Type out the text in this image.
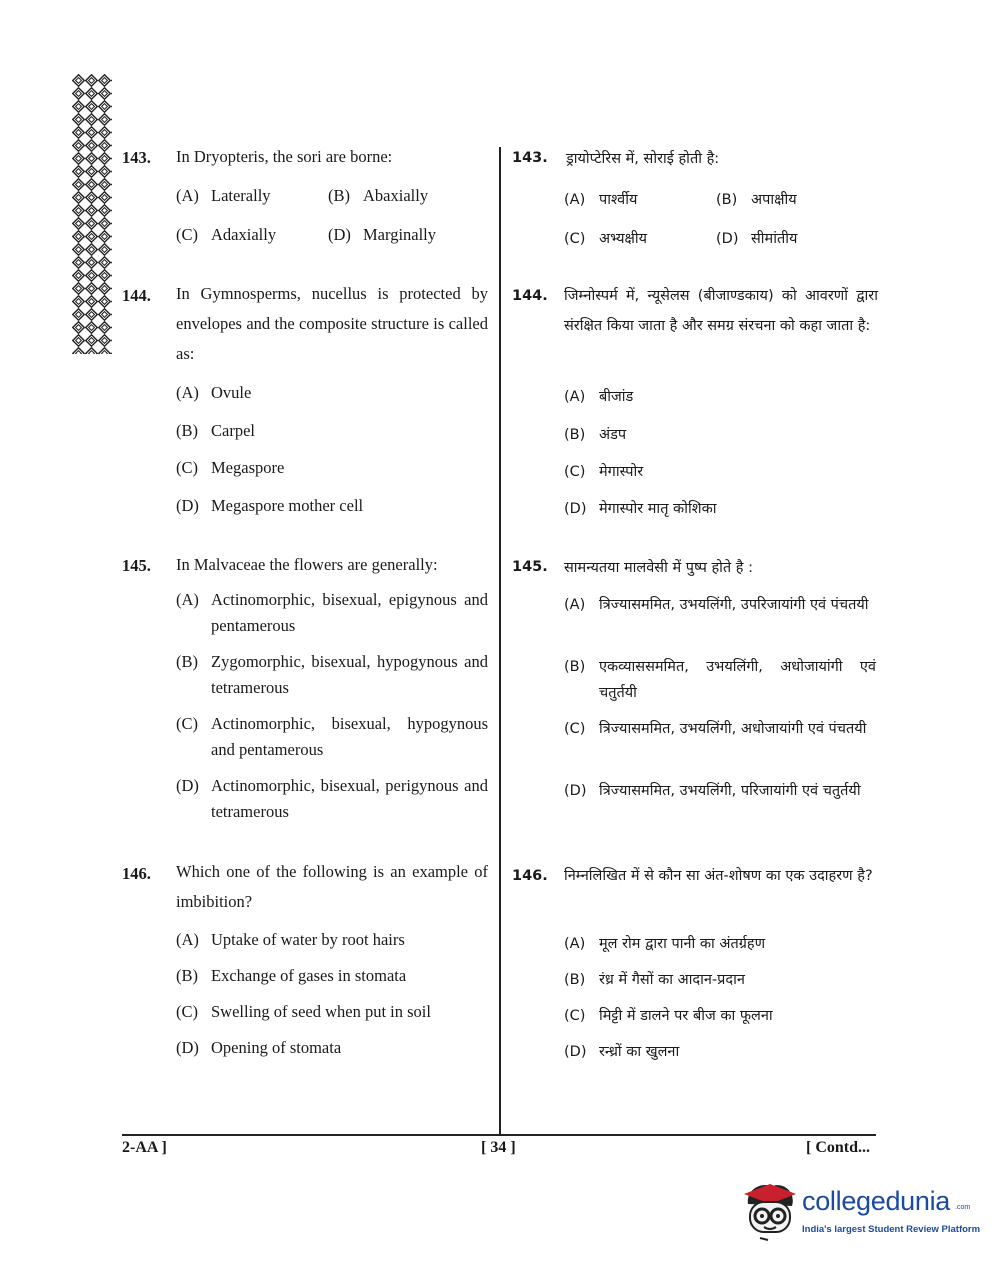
143. In Dryopteris, the sori are borne:
(A) Laterally	(B) Abaxially
(C) Adaxially	(D) Marginally
144. In Gymnosperms, nucellus is protected by envelopes and the composite structure is called as:
(A) Ovule
(B) Carpel
(C) Megaspore
(D) Megaspore mother cell
145. In Malvaceae the flowers are generally:
(A) Actinomorphic, bisexual, epigynous and pentamerous
(B) Zygomorphic, bisexual, hypogynous and tetramerous
(C) Actinomorphic, bisexual, hypogynous and pentamerous
(D) Actinomorphic, bisexual, perigynous and tetramerous
146. Which one of the following is an example of imbibition?
(A) Uptake of water by root hairs
(B) Exchange of gases in stomata
(C) Swelling of seed when put in soil
(D) Opening of stomata
143. ड्रायोप्टेरिस में, सोराई होती है:
(A) पार्श्वीय	(B) अपाक्षीय
(C) अभ्यक्षीय	(D) सीमांतीय
144. जिम्नोस्पर्म में, न्यूसेलस (बीजाण्डकाय) को आवरणों द्वारा संरक्षित किया जाता है और समग्र संरचना को कहा जाता है:
(A) बीजांड
(B) अंडप
(C) मेगास्पोर
(D) मेगास्पोर मातृ कोशिका
145. सामन्यतया मालवेसी में पुष्प होते है :
(A) त्रिज्यासममित, उभयलिंगी, उपरिजायांगी एवं पंचतयी
(B) एकव्याससममित, उभयलिंगी, अधोजायांगी एवं चतुर्तयी
(C) त्रिज्यासममित, उभयलिंगी, अधोजायांगी एवं पंचतयी
(D) त्रिज्यासममित, उभयलिंगी, परिजायांगी एवं चतुर्तयी
146. निम्नलिखित में से कौन सा अंत-शोषण का एक उदाहरण है?
(A) मूल रोम द्वारा पानी का अंतर्ग्रहण
(B) रंध्र में गैसों का आदान-प्रदान
(C) मिट्टी में डालने पर बीज का फूलना
(D) रन्ध्रों का खुलना
2-AA ]	[ 34 ]	[ Contd...
collegedunia .com
India's largest Student Review Platform
